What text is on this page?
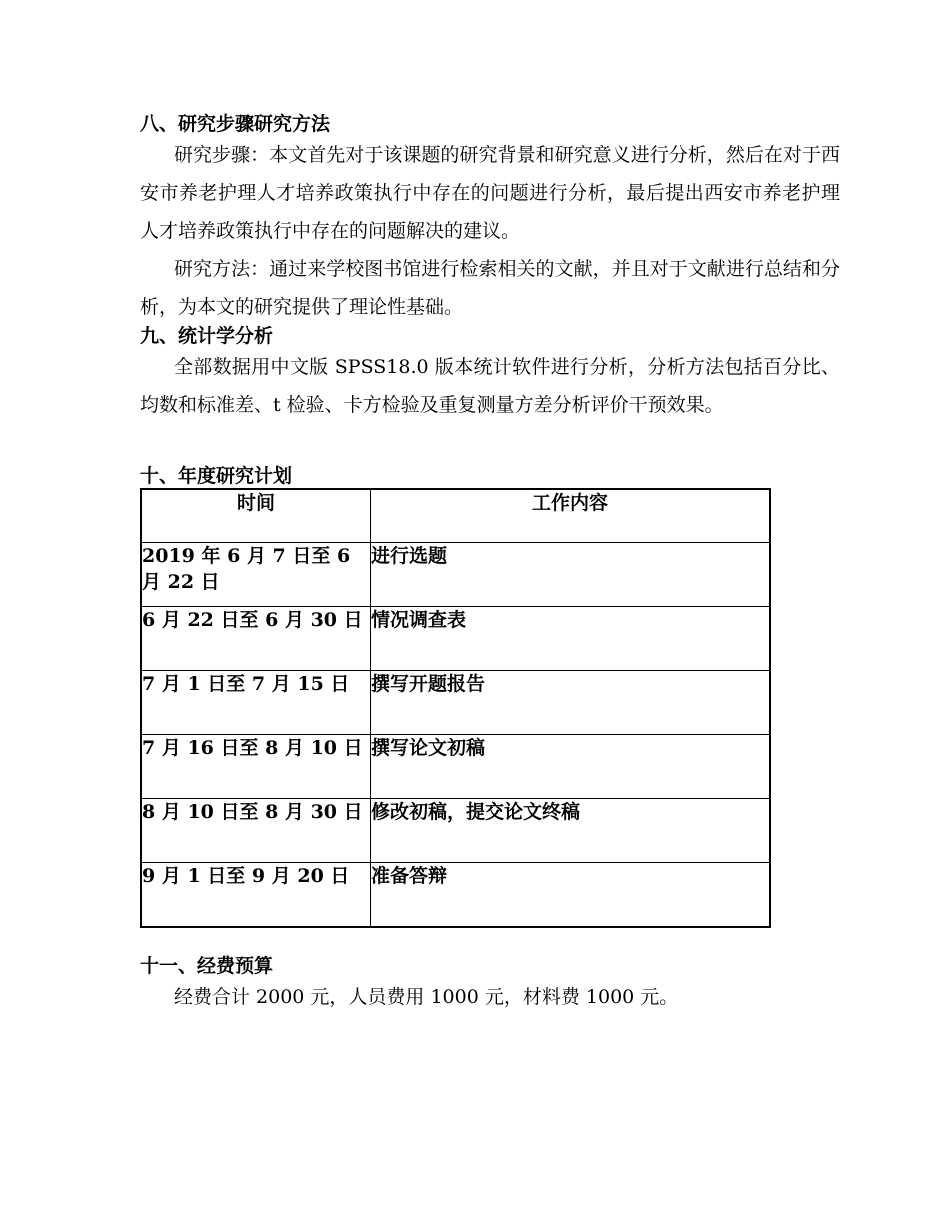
八、研究步骤研究方法

研究步骤：本文首先对于该课题的研究背景和研究意义进行分析，然后在对于西安市养老护理人才培养政策执行中存在的问题进行分析，最后提出西安市养老护理人才培养政策执行中存在的问题解决的建议。

研究方法：通过来学校图书馆进行检索相关的文献，并且对于文献进行总结和分析，为本文的研究提供了理论性基础。

九、统计学分析

全部数据用中文版 SPSS18.0 版本统计软件进行分析，分析方法包括百分比、均数和标准差、t 检验、卡方检验及重复测量方差分析评价干预效果。

十、年度研究计划

时间	工作内容
2019 年 6 月 7 日至 6 月 22 日	进行选题
6 月 22 日至 6 月 30 日	情况调查表
7 月 1 日至 7 月 15 日	撰写开题报告
7 月 16 日至 8 月 10 日	撰写论文初稿
8 月 10 日至 8 月 30 日	修改初稿，提交论文终稿
9 月 1 日至 9 月 20 日	准备答辩

十一、经费预算

经费合计 2000 元，人员费用 1000 元，材料费 1000 元。
